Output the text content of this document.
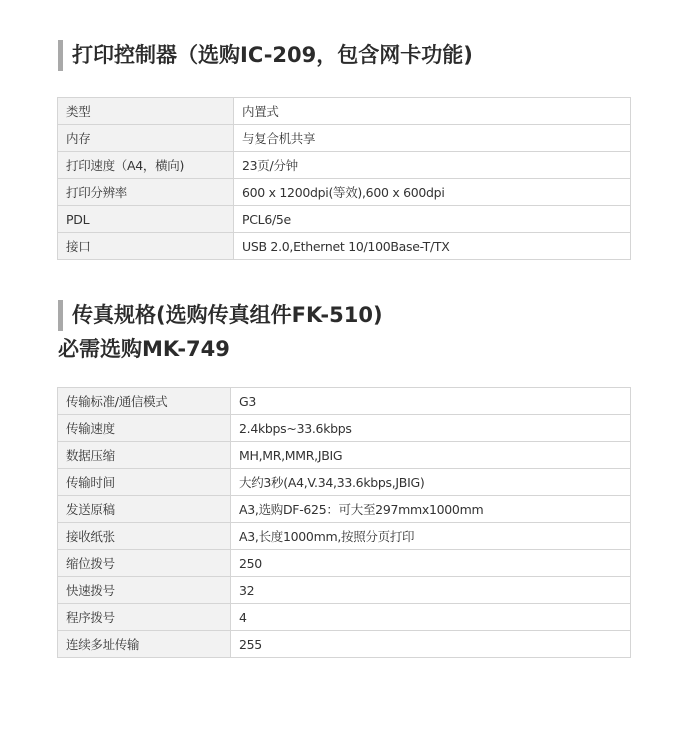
打印控制器（选购IC-209，包含网卡功能)
类型	内置式
内存	与复合机共享
打印速度（A4，横向)	23页/分钟
打印分辨率	600 x 1200dpi(等效),600 x 600dpi
PDL	PCL6/5e
接口	USB 2.0,Ethernet 10/100Base-T/TX
传真规格(选购传真组件FK-510)
必需选购MK-749
传输标准/通信模式	G3
传输速度	2.4kbps~33.6kbps
数据压缩	MH,MR,MMR,JBIG
传输时间	大约3秒(A4,V.34,33.6kbps,JBIG)
发送原稿	A3,选购DF-625：可大至297mmx1000mm
接收纸张	A3,长度1000mm,按照分页打印
缩位拨号	250
快速拨号	32
程序拨号	4
连续多址传输	255
